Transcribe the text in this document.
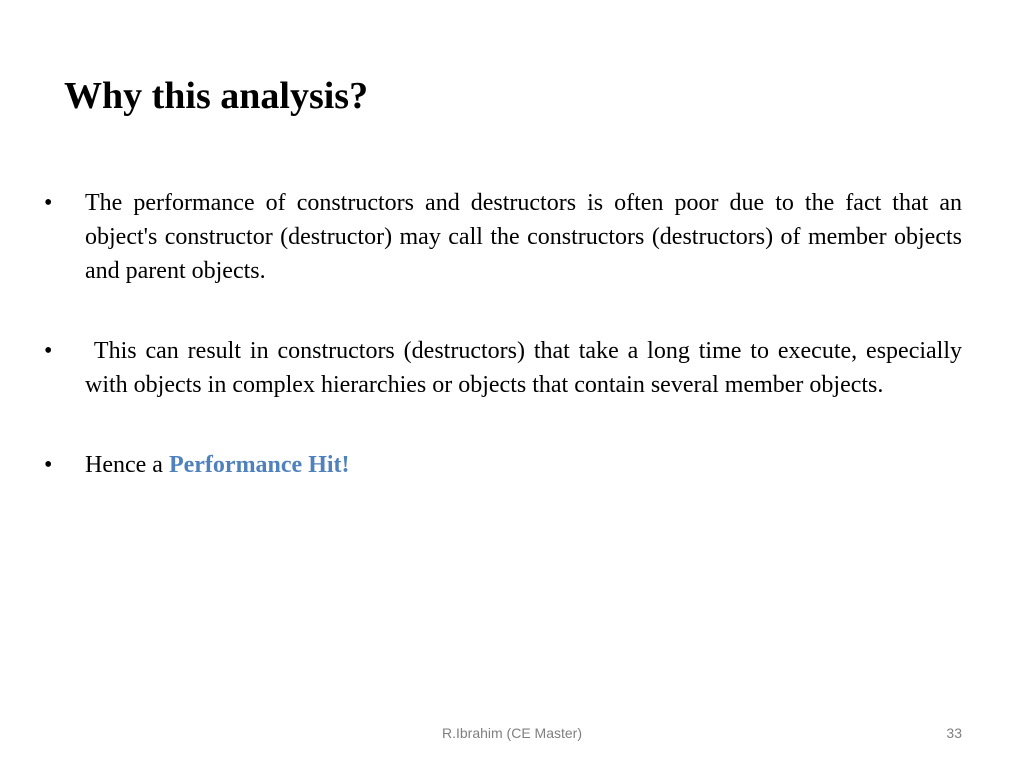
Why this analysis?
•	The performance of constructors and destructors is often poor due to the fact that an object's constructor (destructor) may call the constructors (destructors) of member objects and parent objects.
•	This can result in constructors (destructors) that take a long time to execute, especially with objects in complex hierarchies or objects that contain several member objects.
•	Hence a Performance Hit!
R.Ibrahim (CE Master)	33
